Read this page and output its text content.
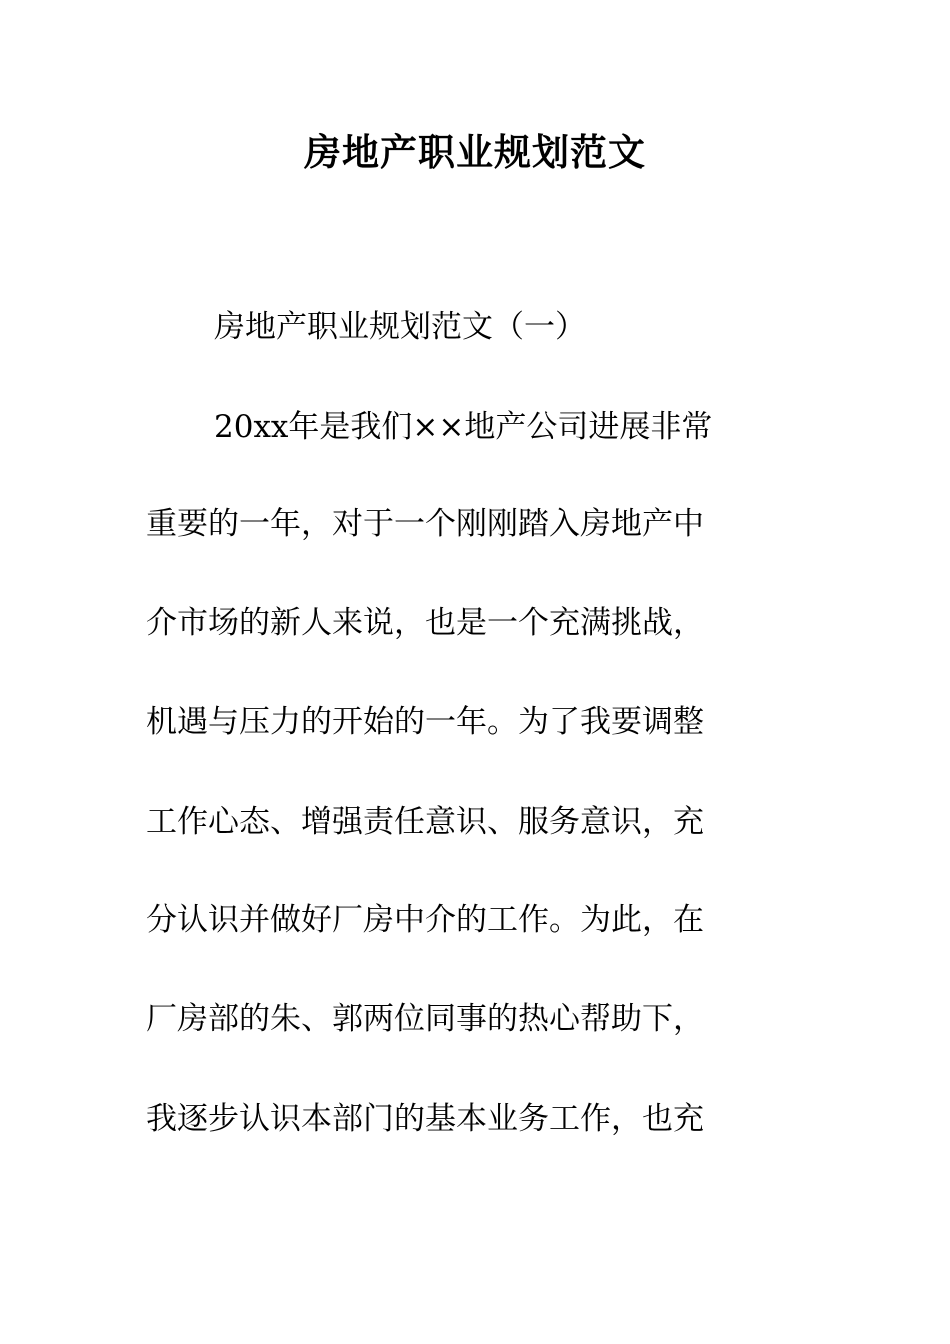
房地产职业规划范文

房地产职业规划范文（一）

20xx年是我们××地产公司进展非常

重要的一年，对于一个刚刚踏入房地产中

介市场的新人来说，也是一个充满挑战，

机遇与压力的开始的一年。为了我要调整

工作心态、增强责任意识、服务意识，充

分认识并做好厂房中介的工作。为此，在

厂房部的朱、郭两位同事的热心帮助下，

我逐步认识本部门的基本业务工作，也充
